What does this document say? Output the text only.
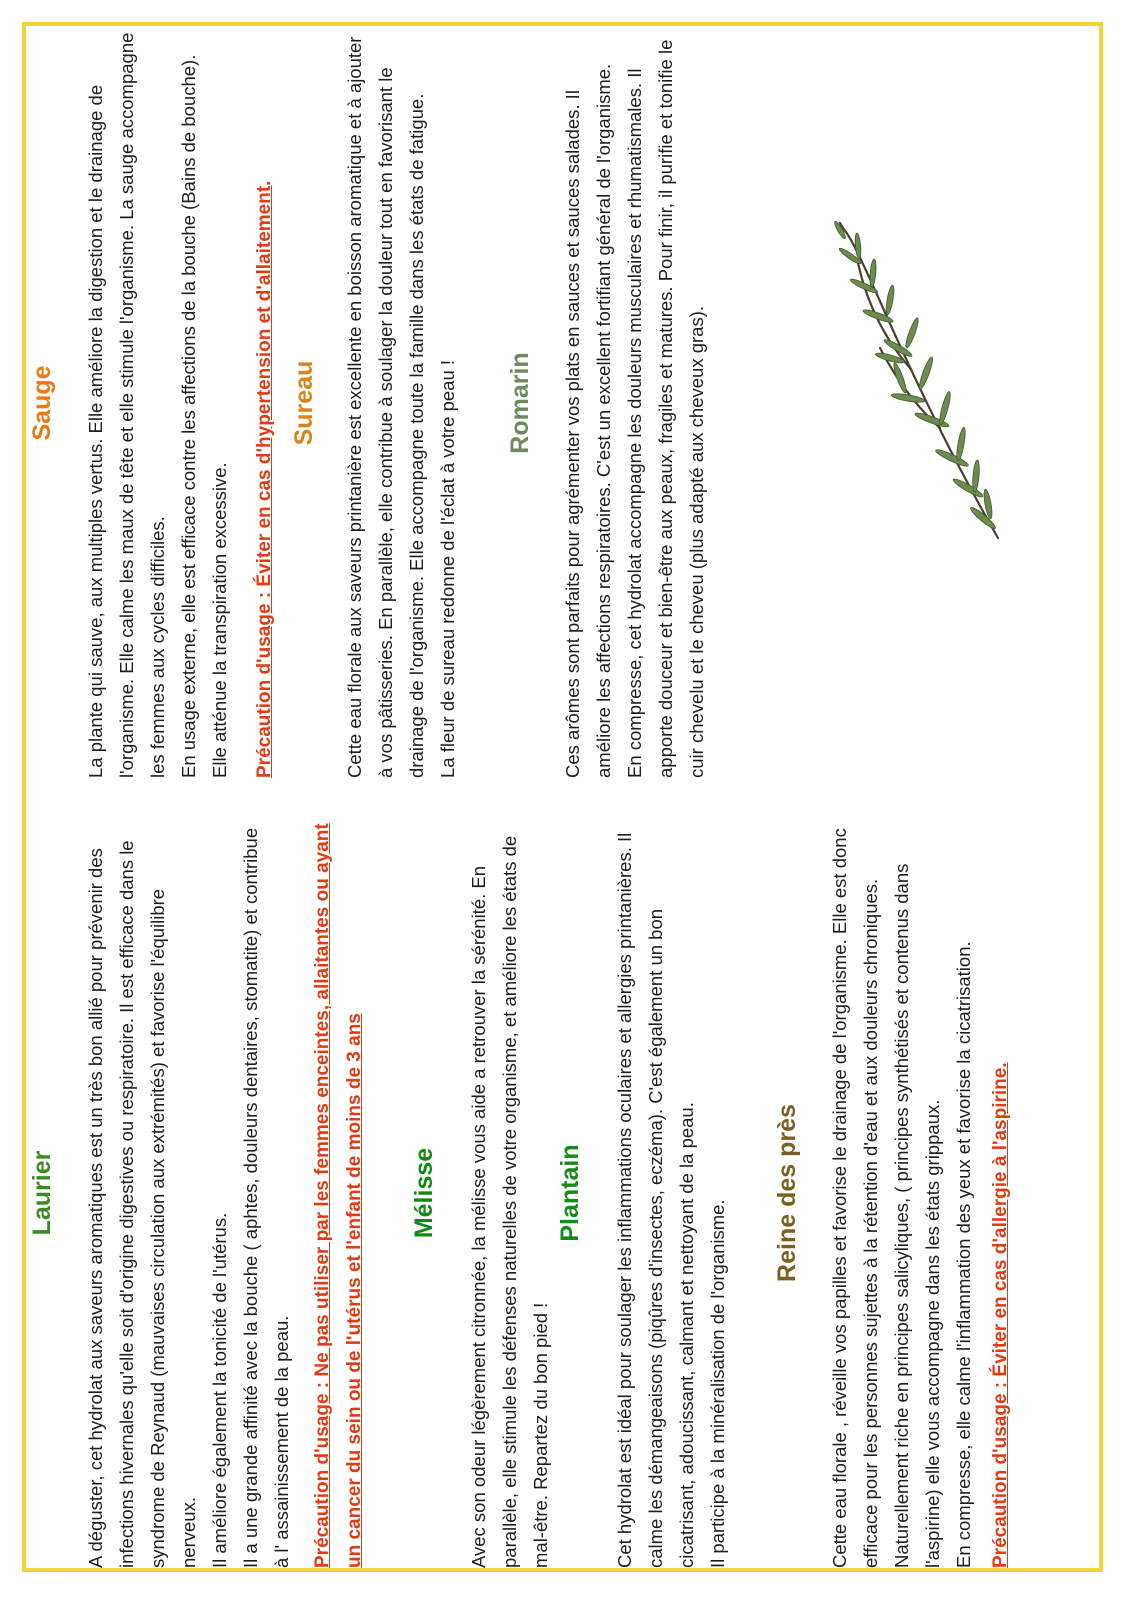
Laurier A déguster, cet hydrolat aux saveurs aromatiques est un très bon allié pour prévenir des infections hivernales qu'elle soit d'origine digestives ou respiratoire. Il est efficace dans le syndrome de Reynaud (mauvaises circulation aux extrémités) et favorise l'équilibre nerveux. Il améliore également la tonicité de l'utérus. Il a une grande affinité avec la bouche ( aphtes, douleurs dentaires, stomatite) et contribue à l' assainissement de la peau. Précaution d'usage : Ne pas utiliser par les femmes enceintes, allaitantes ou ayant un cancer du sein ou de l'utérus et l'enfant de moins de 3 ans Mélisse Avec son odeur légèrement citronnée, la mélisse vous aide a retrouver la sérénité. En parallèle, elle stimule les défenses naturelles de votre organisme, et améliore les états de mal-être. Repartez du bon pied !

Plantain Cet hydrolat est idéal pour soulager les inflammations oculaires et allergies printanières. Il calme les démangeaisons (piqûres d'insectes, eczéma). C'est également un bon cicatrisant, adoucissant, calmant et nettoyant de la peau. Il participe à la minéralisation de l'organisme.

Reine des près Cette eau florale , réveille vos papilles et favorise le drainage de l'organisme. Elle est donc efficace pour les personnes sujettes à la rétention d'eau et aux douleurs chroniques. Naturellement riche en principes salicyliques, ( principes synthétisés et contenus dans l'aspirine) elle vous accompagne dans les états grippaux. En compresse, elle calme l'inflammation des yeux et favorise la cicatrisation. Précaution d'usage : Éviter en cas d'allergie à l'aspirine.

Sauge La plante qui sauve, aux multiples vertus. Elle améliore la digestion et le drainage de l'organisme. Elle calme les maux de tête et elle stimule l'organisme. La sauge accompagne les femmes aux cycles difficiles. En usage externe, elle est efficace contre les affections de la bouche (Bains de bouche). Elle atténue la transpiration excessive. Précaution d'usage : Éviter en cas d'hypertension et d'allaitement.

Sureau Cette eau florale aux saveurs printanière est excellente en boisson aromatique et à ajouter à vos pâtisseries. En parallèle, elle contribue à soulager la douleur tout en favorisant le drainage de l'organisme. Elle accompagne toute la famille dans les états de fatigue. La fleur de sureau redonne de l'éclat à votre peau ! Romarin Ces arômes sont parfaits pour agrémenter vos plats en sauces et sauces salades. Il améliore les affections respiratoires. C'est un excellent fortifiant général de l'organisme. En compresse, cet hydrolat accompagne les douleurs musculaires et rhumatismales. Il apporte douceur et bien-être aux peaux, fragiles et matures. Pour finir, il purifie et tonifie le cuir chevelu et le cheveu (plus adapté aux cheveux gras).
